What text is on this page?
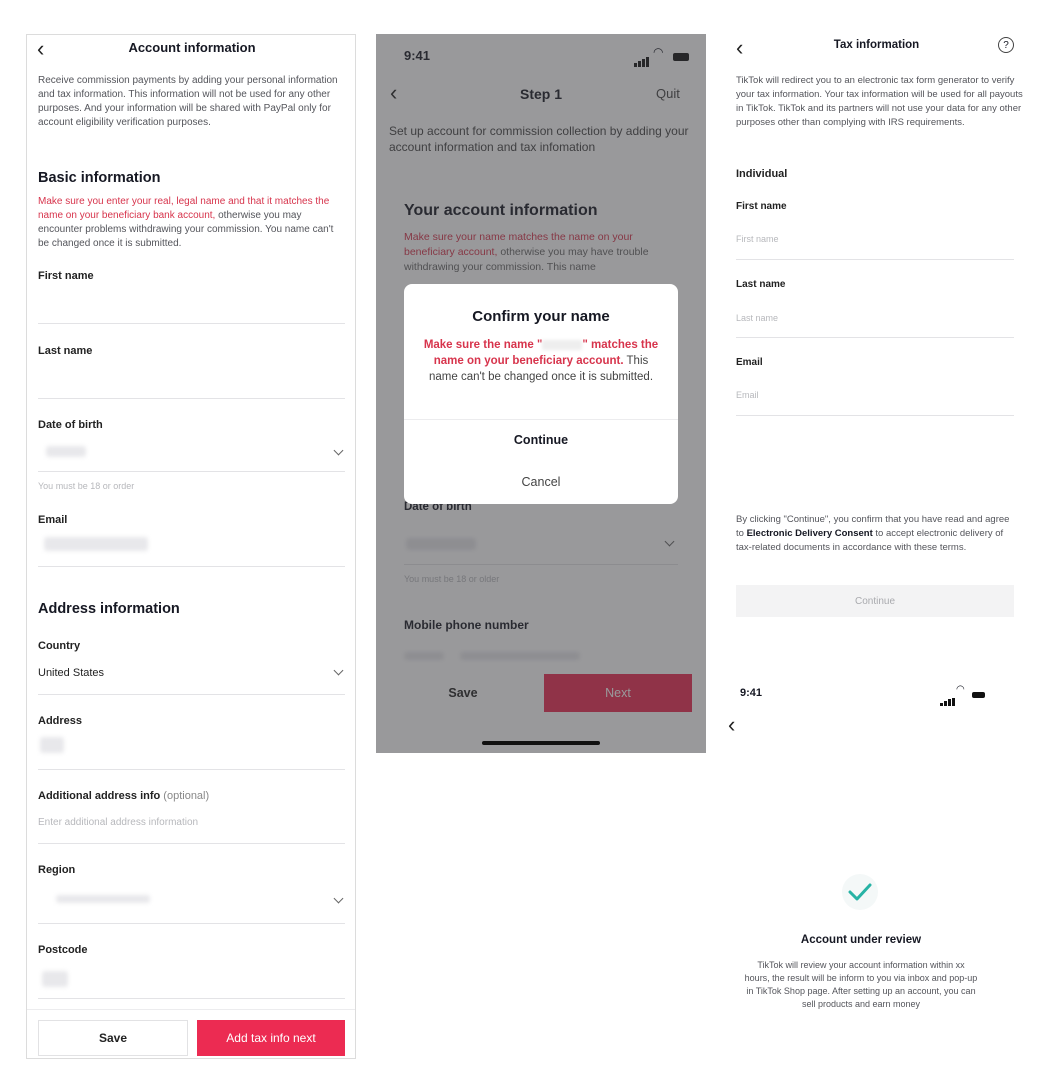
‹	Account information
Receive commission payments by adding your personal information and tax information. This information will not be used for any other purposes. And your information will be shared with PayPal only for account eligibility verification purposes.
Basic information
Make sure you enter your real, legal name and that it matches the name on your beneficiary bank account, otherwise you may encounter problems withdrawing your commission. You name can't be changed once it is submitted.
First name
Last name
Date of birth
You must be 18 or order
Email
Address information
Country
United States
Address
Additional address info (optional)
Enter additional address information
Region
Postcode
Save	Add tax info next
Confirm your name
Make sure the name "	" matches the name on your beneficiary account. This name can't be changed once it is submitted.
Continue
Cancel
‹	Tax information	?
TikTok will redirect you to an electronic tax form generator to verify your tax information. Your tax information will be used for all payouts in TikTok. TikTok and its partners will not use your data for any other purposes other than complying with IRS requirements.
Individual
First name
First name
Last name
Last name
Email
Email
By clicking "Continue", you confirm that you have read and agree to Electronic Delivery Consent to accept electronic delivery of tax-related documents in accordance with these terms.
Continue
9:41	◠
‹
Account under review
TikTok will review your account information within xx hours, the result will be inform to you via inbox and pop-up in TikTok Shop page. After setting up an account, you can sell products and earn money
